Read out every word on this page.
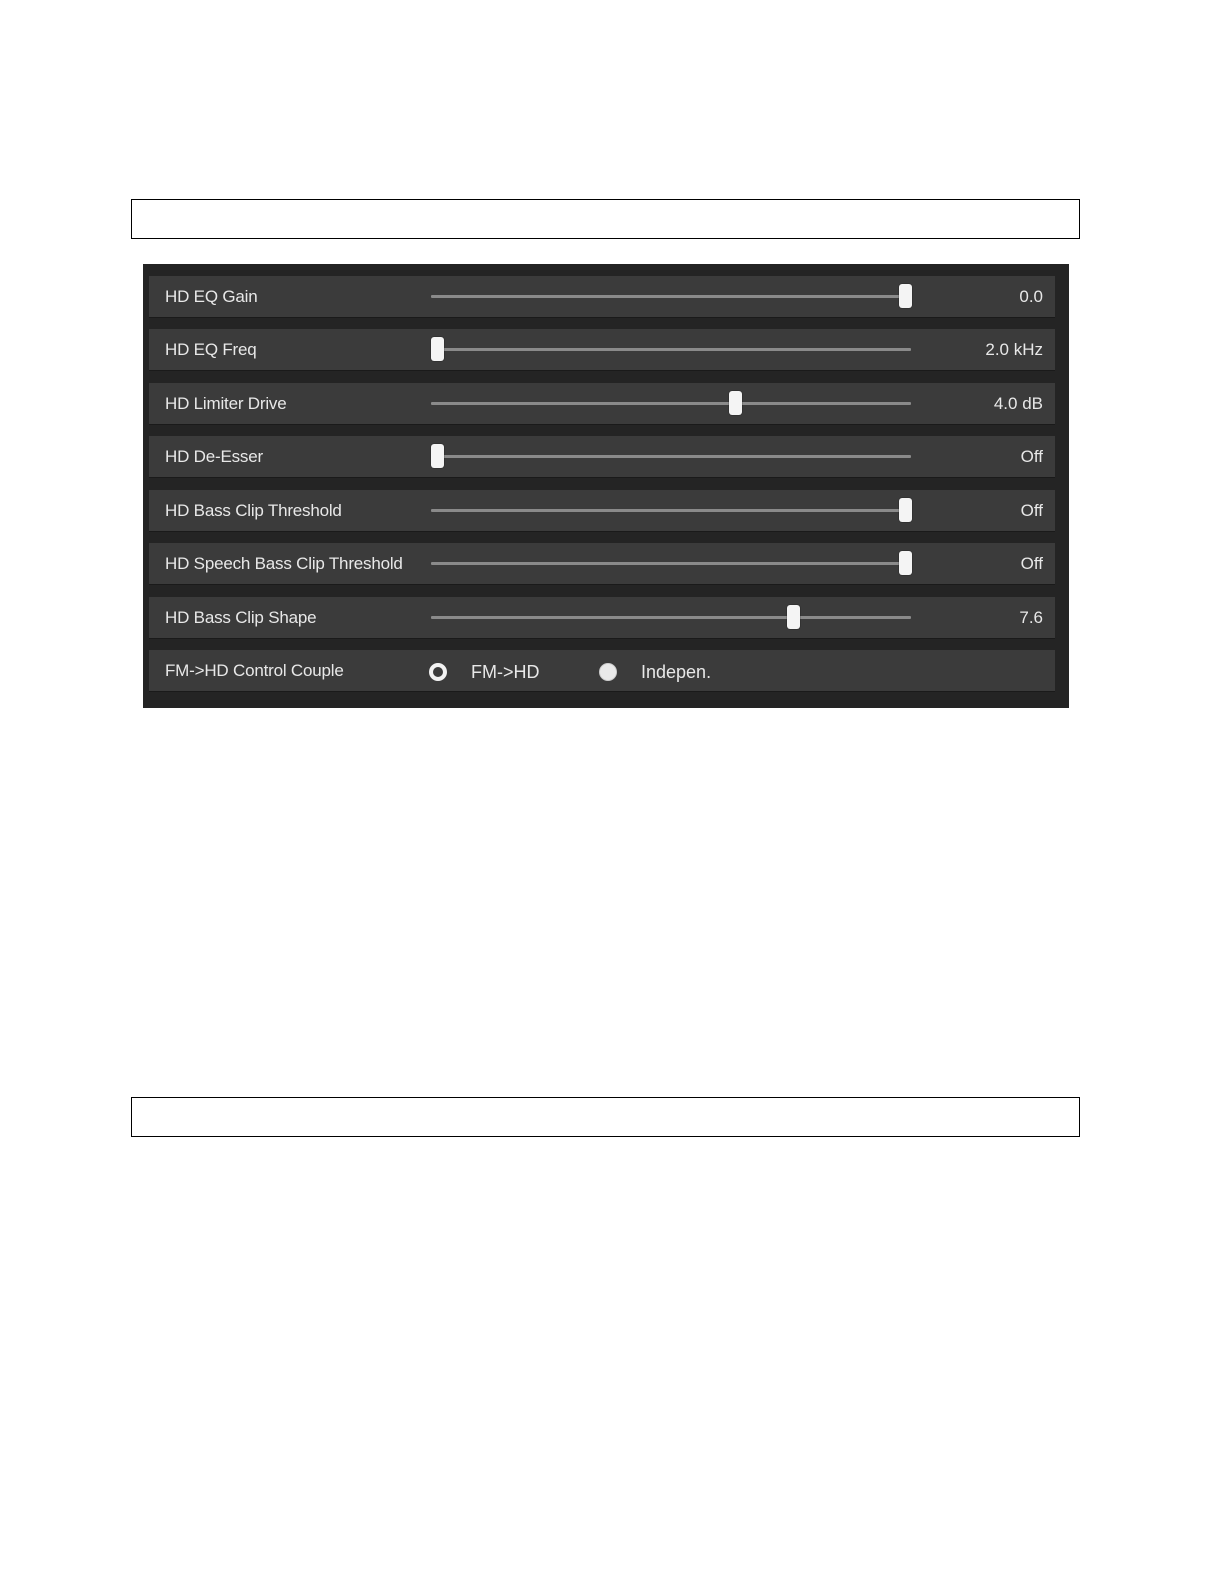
HD EQ Gain	0.0
HD EQ Freq	2.0 kHz
HD Limiter Drive	4.0 dB
HD De-Esser	Off
HD Bass Clip Threshold	Off
HD Speech Bass Clip Threshold	Off
HD Bass Clip Shape	7.6
FM->HD Control Couple	FM->HD	Indepen.
